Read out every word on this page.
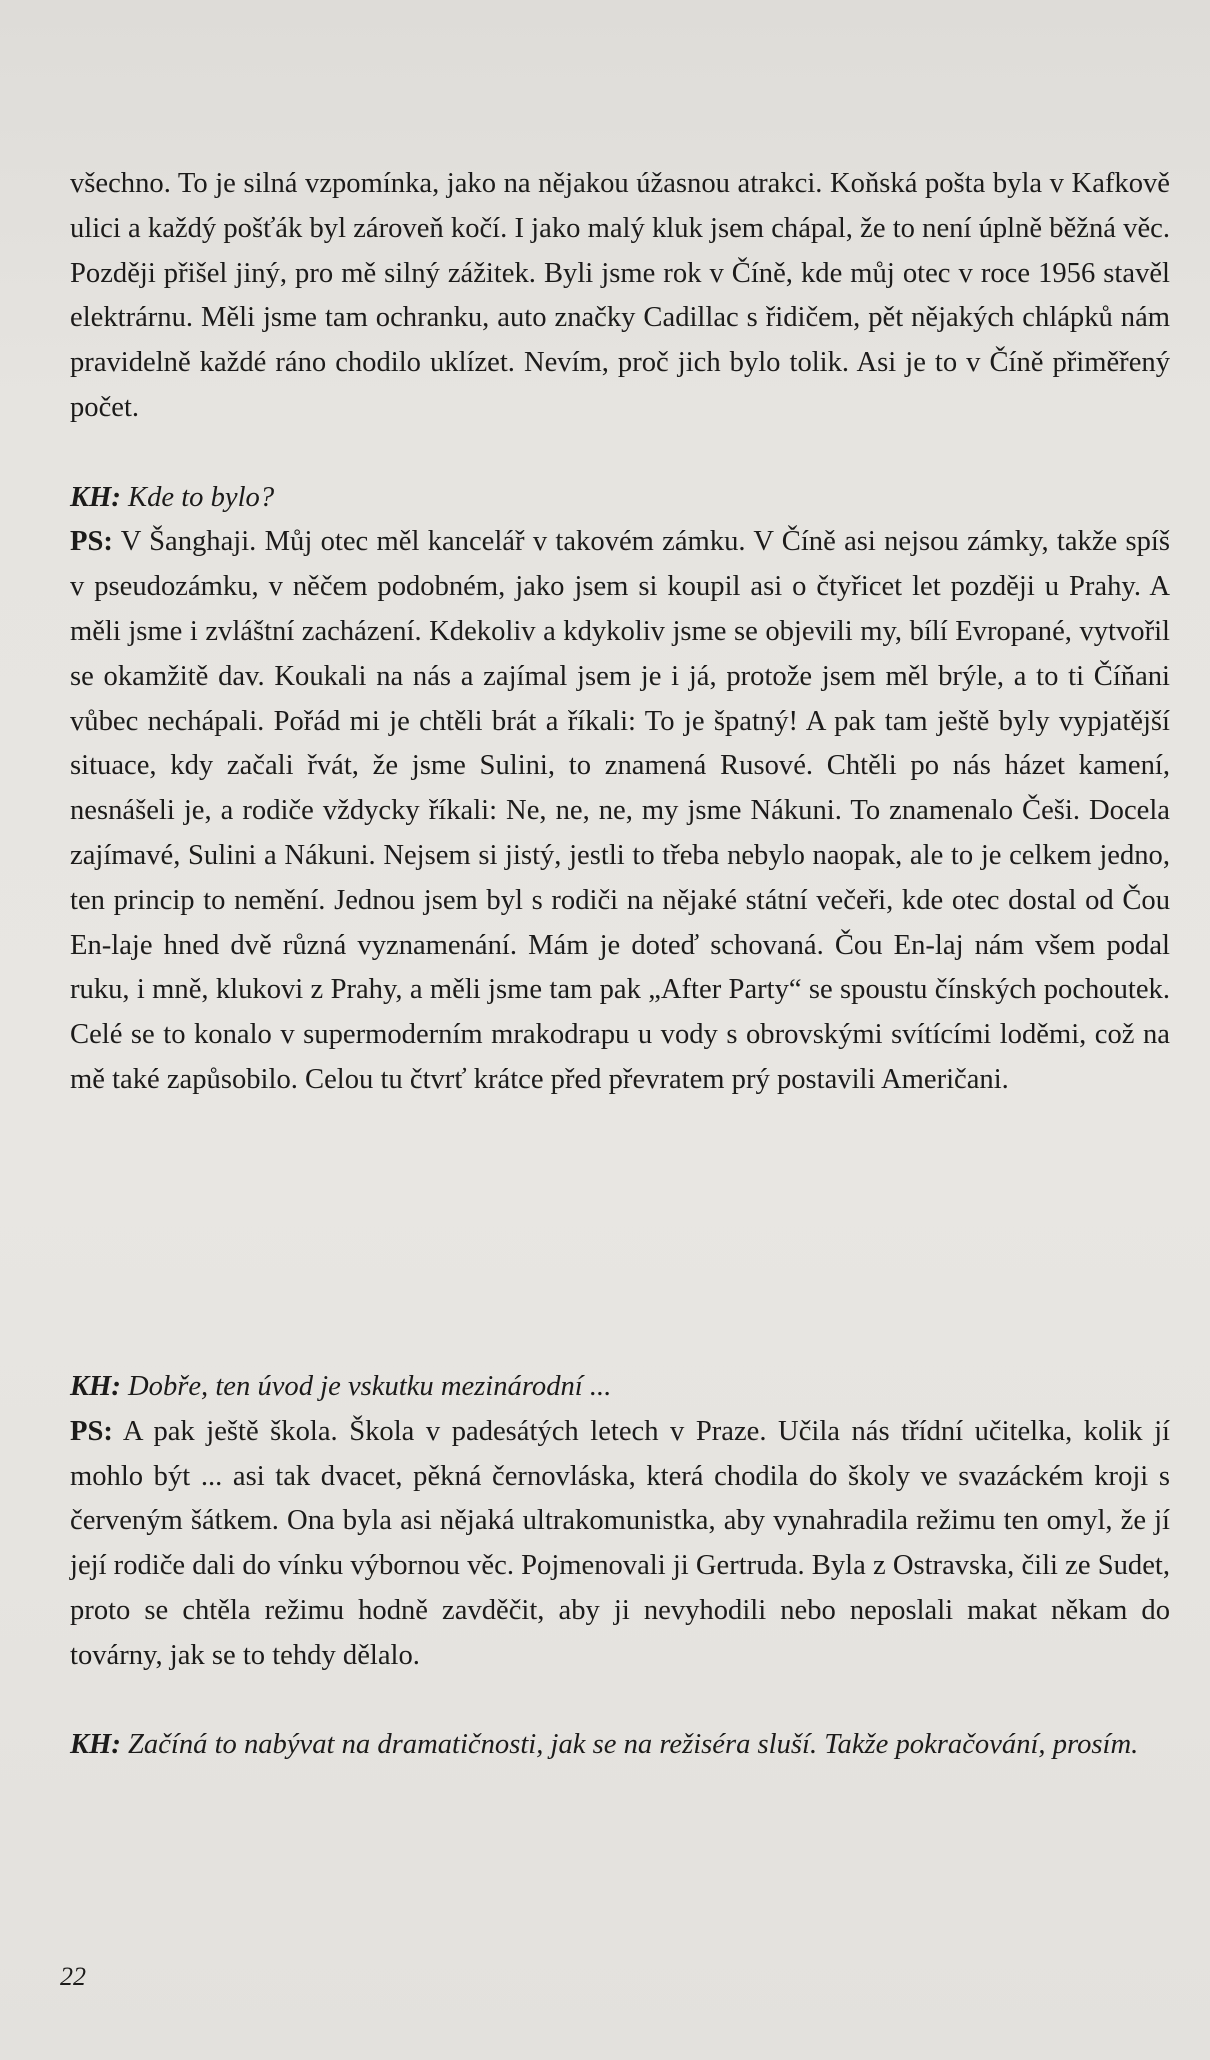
všechno. To je silná vzpomínka, jako na nějakou úžasnou atrakci. Koňská pošta byla v Kafkově ulici a každý pošťák byl zároveň kočí. I jako malý kluk jsem chápal, že to není úplně běžná věc. Později přišel jiný, pro mě silný zážitek. Byli jsme rok v Číně, kde můj otec v roce 1956 stavěl elektrárnu. Měli jsme tam ochranku, auto značky Cadillac s řidičem, pět nějakých chlápků nám pravidelně každé ráno chodilo uklízet. Nevím, proč jich bylo tolik. Asi je to v Číně přiměřený počet.

KH: Kde to bylo?

PS: V Šanghaji. Můj otec měl kancelář v takovém zámku. V Číně asi nejsou zámky, takže spíš v pseudozámku, v něčem podobném, jako jsem si koupil asi o čtyřicet let později u Prahy. A měli jsme i zvláštní zacházení. Kdekoliv a kdykoliv jsme se objevili my, bílí Evropané, vytvořil se okamžitě dav. Koukali na nás a zajímal jsem je i já, protože jsem měl brýle, a to ti Číňani vůbec nechápali. Pořád mi je chtěli brát a říkali: To je špatný! A pak tam ještě byly vypjatější situace, kdy začali řvát, že jsme Sulini, to znamená Rusové. Chtěli po nás házet kamení, nesnášeli je, a rodiče vždycky říkali: Ne, ne, ne, my jsme Nákuni. To znamenalo Češi. Docela zajímavé, Sulini a Nákuni. Nejsem si jistý, jestli to třeba nebylo naopak, ale to je celkem jedno, ten princip to nemění. Jednou jsem byl s rodiči na nějaké státní večeři, kde otec dostal od Čou En-laje hned dvě různá vyznamenání. Mám je doteď schovaná. Čou En-laj nám všem podal ruku, i mně, klukovi z Prahy, a měli jsme tam pak „After Party“ se spoustu čínských pochoutek. Celé se to konalo v supermoderním mrakodrapu u vody s obrovskými svítícími loděmi, což na mě také zapůsobilo. Celou tu čtvrť krátce před převratem prý postavili Američani.

KH: Dobře, ten úvod je vskutku mezinárodní ...

PS: A pak ještě škola. Škola v padesátých letech v Praze. Učila nás třídní učitelka, kolik jí mohlo být ... asi tak dvacet, pěkná černovláska, která chodila do školy ve svazáckém kroji s červeným šátkem. Ona byla asi nějaká ultrakomunistka, aby vynahradila režimu ten omyl, že jí její rodiče dali do vínku výbornou věc. Pojmenovali ji Gertruda. Byla z Ostravska, čili ze Sudet, proto se chtěla režimu hodně zavděčit, aby ji nevyhodili nebo neposlali makat někam do továrny, jak se to tehdy dělalo.

KH: Začíná to nabývat na dramatičnosti, jak se na režiséra sluší. Takže pokračování, prosím.

22
